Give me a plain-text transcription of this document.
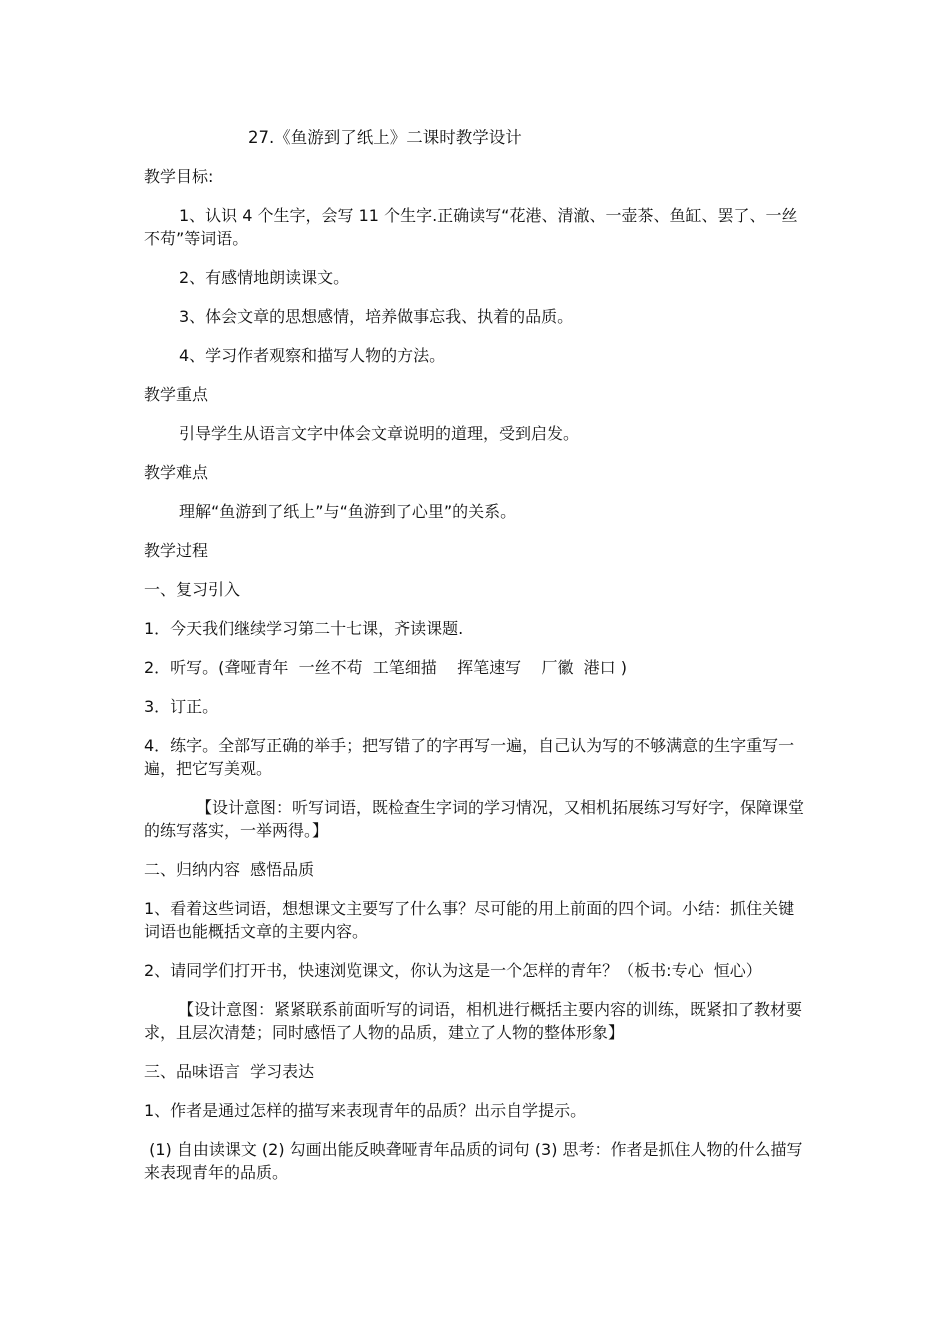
27.《鱼游到了纸上》二课时教学设计

教学目标:

1、认识 4 个生字，会写 11 个生字.正确读写“花港、清澈、一壶茶、鱼缸、罢了、一丝不苟”等词语。

2、有感情地朗读课文。

3、体会文章的思想感情，培养做事忘我、执着的品质。

4、学习作者观察和描写人物的方法。

教学重点

引导学生从语言文字中体会文章说明的道理，受到启发。

教学难点

理解“鱼游到了纸上”与“鱼游到了心里”的关系。

教学过程

一、复习引入

1．今天我们继续学习第二十七课，齐读课题.

2．听写。(聋哑青年  一丝不苟  工笔细描    挥笔速写    厂徽  港口 )

3．订正。

4．练字。全部写正确的举手；把写错了的字再写一遍，自己认为写的不够满意的生字重写一遍，把它写美观。

【设计意图：听写词语，既检查生字词的学习情况，又相机拓展练习写好字，保障课堂的练写落实，一举两得。】

二、归纳内容  感悟品质

1、看着这些词语，想想课文主要写了什么事？尽可能的用上前面的四个词。小结：抓住关键词语也能概括文章的主要内容。

2、请同学们打开书，快速浏览课文，你认为这是一个怎样的青年？（板书:专心  恒心）

【设计意图：紧紧联系前面听写的词语，相机进行概括主要内容的训练，既紧扣了教材要求，且层次清楚；同时感悟了人物的品质，建立了人物的整体形象】

三、品味语言  学习表达

1、作者是通过怎样的描写来表现青年的品质？出示自学提示。

(1) 自由读课文 (2) 勾画出能反映聋哑青年品质的词句 (3) 思考：作者是抓住人物的什么描写来表现青年的品质。
